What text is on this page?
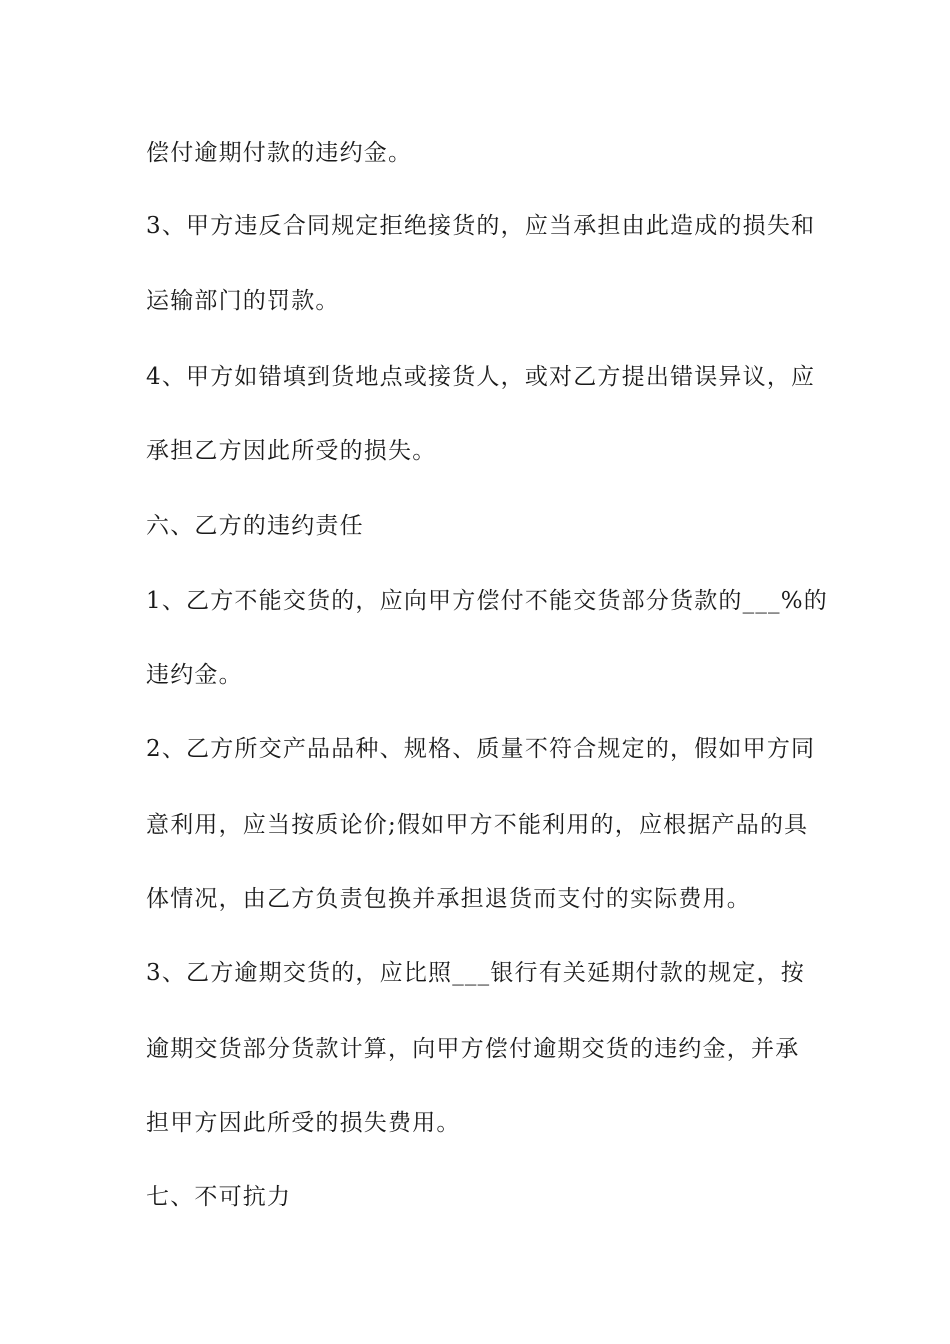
偿付逾期付款的违约金。
3、甲方违反合同规定拒绝接货的，应当承担由此造成的损失和
运输部门的罚款。
4、甲方如错填到货地点或接货人，或对乙方提出错误异议，应
承担乙方因此所受的损失。
六、乙方的违约责任
1、乙方不能交货的，应向甲方偿付不能交货部分货款的___%的
违约金。
2、乙方所交产品品种、规格、质量不符合规定的，假如甲方同
意利用，应当按质论价;假如甲方不能利用的，应根据产品的具
体情况，由乙方负责包换并承担退货而支付的实际费用。
3、乙方逾期交货的，应比照___银行有关延期付款的规定，按
逾期交货部分货款计算，向甲方偿付逾期交货的违约金，并承
担甲方因此所受的损失费用。
七、不可抗力
